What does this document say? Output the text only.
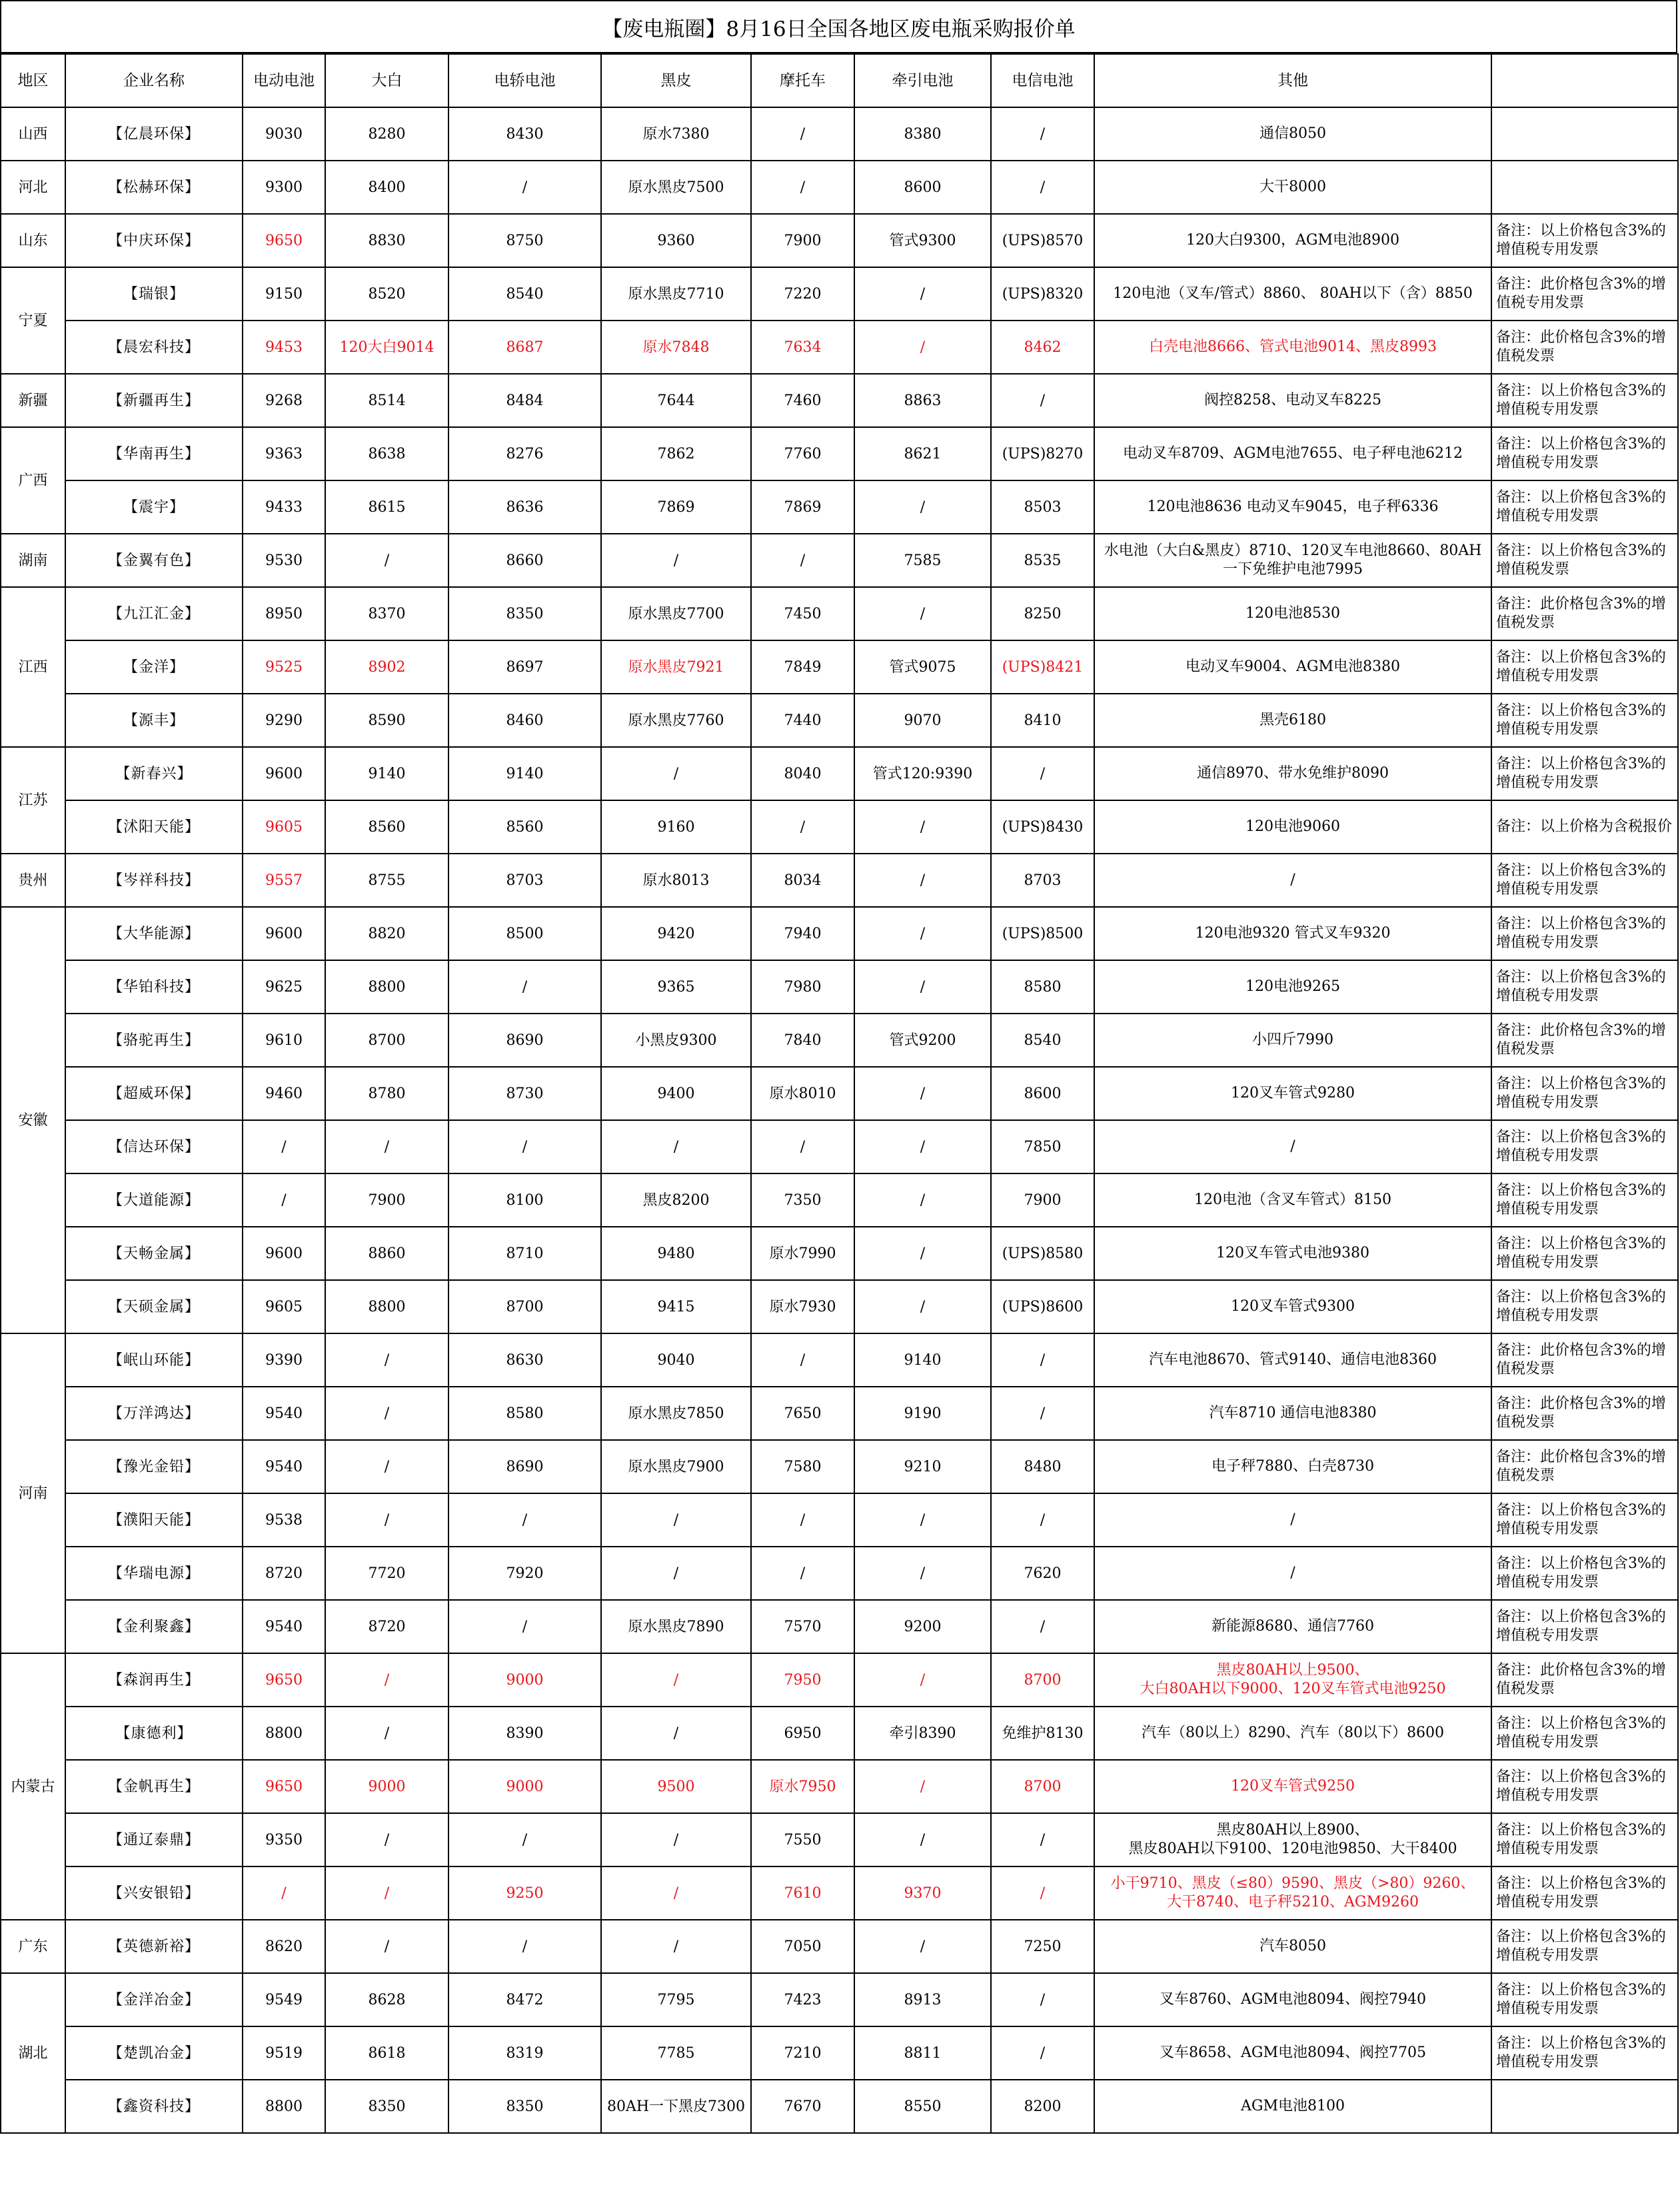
【废电瓶圈】8月16日全国各地区废电瓶采购报价单
地区	企业名称	电动电池	大白	电轿电池	黑皮	摩托车	牵引电池	电信电池	其他	
山西	【亿晨环保】	9030	8280	8430	原水7380	/	8380	/	通信8050	
河北	【松赫环保】	9300	8400	/	原水黑皮7500	/	8600	/	大干8000	
山东	【中庆环保】	9650	8830	8750	9360	7900	管式9300	(UPS)8570	120大白9300，AGM电池8900	备注：以上价格包含3%的增值税专用发票
宁夏	【瑞银】	9150	8520	8540	原水黑皮7710	7220	/	(UPS)8320	120电池（叉车/管式）8860、 80AH以下（含）8850	备注：此价格包含3%的增值税专用发票
	【晨宏科技】	9453	120大白9014	8687	原水7848	7634	/	8462	白壳电池8666、管式电池9014、黑皮8993	备注：此价格包含3%的增值税发票
新疆	【新疆再生】	9268	8514	8484	7644	7460	8863	/	阀控8258、电动叉车8225	备注：以上价格包含3%的增值税专用发票
广西	【华南再生】	9363	8638	8276	7862	7760	8621	(UPS)8270	电动叉车8709、AGM电池7655、电子秤电池6212	备注：以上价格包含3%的增值税专用发票
	【震宇】	9433	8615	8636	7869	7869	/	8503	120电池8636 电动叉车9045，电子秤6336	备注：以上价格包含3%的增值税专用发票
湖南	【金翼有色】	9530	/	8660	/	/	7585	8535	水电池（大白&黑皮）8710、120叉车电池8660、80AH一下免维护电池7995	备注：以上价格包含3%的增值税发票
江西	【九江汇金】	8950	8370	8350	原水黑皮7700	7450	/	8250	120电池8530	备注：此价格包含3%的增值税发票
	【金洋】	9525	8902	8697	原水黑皮7921	7849	管式9075	(UPS)8421	电动叉车9004、AGM电池8380	备注：以上价格包含3%的增值税专用发票
	【源丰】	9290	8590	8460	原水黑皮7760	7440	9070	8410	黑壳6180	备注：以上价格包含3%的增值税专用发票
江苏	【新春兴】	9600	9140	9140	/	8040	管式120:9390	/	通信8970、带水免维护8090	备注：以上价格包含3%的增值税专用发票
	【沭阳天能】	9605	8560	8560	9160	/	/	(UPS)8430	120电池9060	备注：以上价格为含税报价
贵州	【岑祥科技】	9557	8755	8703	原水8013	8034	/	8703	/	备注：以上价格包含3%的增值税专用发票
安徽	【大华能源】	9600	8820	8500	9420	7940	/	(UPS)8500	120电池9320 管式叉车9320	备注：以上价格包含3%的增值税专用发票
	【华铂科技】	9625	8800	/	9365	7980	/	8580	120电池9265	备注：以上价格包含3%的增值税专用发票
	【骆驼再生】	9610	8700	8690	小黑皮9300	7840	管式9200	8540	小四斤7990	备注：此价格包含3%的增值税发票
	【超威环保】	9460	8780	8730	9400	原水8010	/	8600	120叉车管式9280	备注：以上价格包含3%的增值税专用发票
	【信达环保】	/	/	/	/	/	/	7850	/	备注：以上价格包含3%的增值税专用发票
	【大道能源】	/	7900	8100	黑皮8200	7350	/	7900	120电池（含叉车管式）8150	备注：以上价格包含3%的增值税专用发票
	【天畅金属】	9600	8860	8710	9480	原水7990	/	(UPS)8580	120叉车管式电池9380	备注：以上价格包含3%的增值税专用发票
	【天硕金属】	9605	8800	8700	9415	原水7930	/	(UPS)8600	120叉车管式9300	备注：以上价格包含3%的增值税专用发票
河南	【岷山环能】	9390	/	8630	9040	/	9140	/	汽车电池8670、管式9140、通信电池8360	备注：此价格包含3%的增值税发票
	【万洋鸿达】	9540	/	8580	原水黑皮7850	7650	9190	/	汽车8710 通信电池8380	备注：此价格包含3%的增值税发票
	【豫光金铅】	9540	/	8690	原水黑皮7900	7580	9210	8480	电子秤7880、白壳8730	备注：此价格包含3%的增值税发票
	【濮阳天能】	9538	/	/	/	/	/	/	/	备注：以上价格包含3%的增值税专用发票
	【华瑞电源】	8720	7720	7920	/	/	/	7620	/	备注：以上价格包含3%的增值税专用发票
	【金利聚鑫】	9540	8720	/	原水黑皮7890	7570	9200	/	新能源8680、通信7760	备注：以上价格包含3%的增值税专用发票
内蒙古	【森润再生】	9650	/	9000	/	7950	/	8700	黑皮80AH以上9500、
大白80AH以下9000、120叉车管式电池9250	备注：此价格包含3%的增值税发票
	【康德利】	8800	/	8390	/	6950	牵引8390	免维护8130	汽车（80以上）8290、汽车（80以下）8600	备注：以上价格包含3%的增值税专用发票
	【金帆再生】	9650	9000	9000	9500	原水7950	/	8700	120叉车管式9250	备注：以上价格包含3%的增值税专用发票
	【通辽泰鼎】	9350	/	/	/	7550	/	/	黑皮80AH以上8900、
黑皮80AH以下9100、120电池9850、大干8400	备注：以上价格包含3%的增值税专用发票
	【兴安银铅】	/	/	9250	/	7610	9370	/	小干9710、黑皮（≤80）9590、黑皮（>80）9260、
大干8740、电子秤5210、AGM9260	备注：以上价格包含3%的增值税专用发票
广东	【英德新裕】	8620	/	/	/	7050	/	7250	汽车8050	备注：以上价格包含3%的增值税专用发票
湖北	【金洋冶金】	9549	8628	8472	7795	7423	8913	/	叉车8760、AGM电池8094、阀控7940	备注：以上价格包含3%的增值税专用发票
	【楚凯冶金】	9519	8618	8319	7785	7210	8811	/	叉车8658、AGM电池8094、阀控7705	备注：以上价格包含3%的增值税专用发票
	【鑫资科技】	8800	8350	8350	80AH一下黑皮7300	7670	8550	8200	AGM电池8100	
